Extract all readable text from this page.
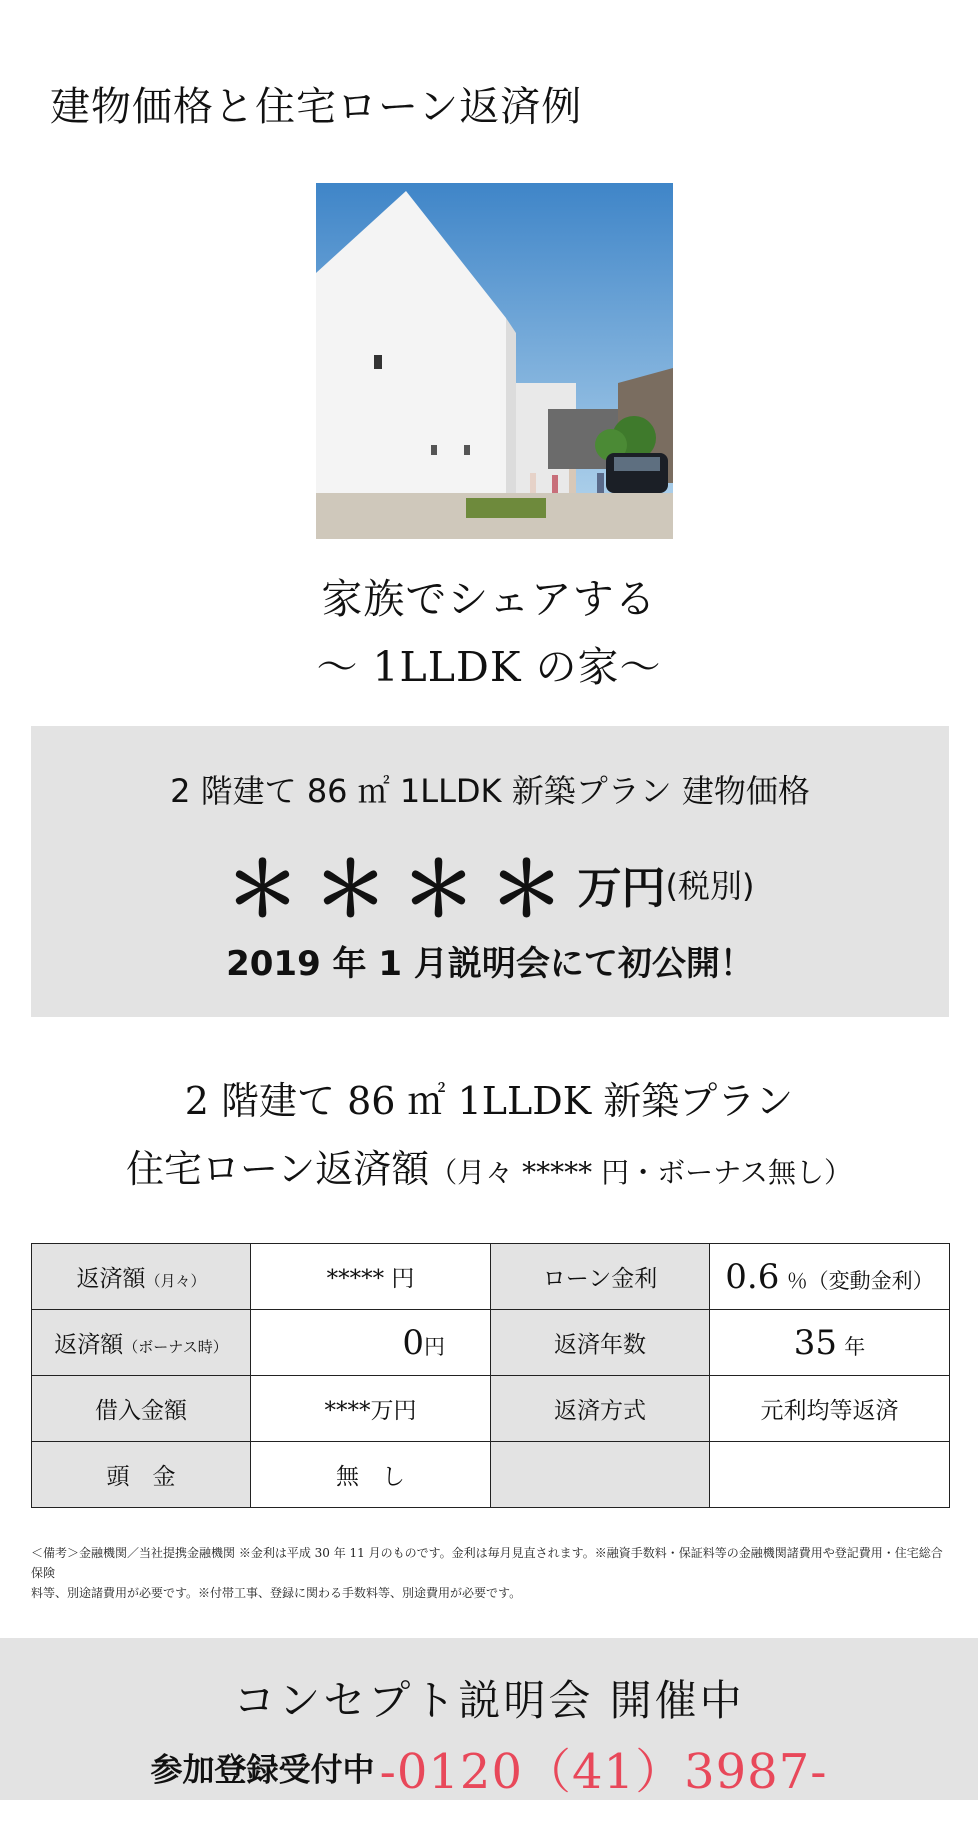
建物価格と住宅ローン返済例
家族でシェアする
〜 1LLDK の家〜
2 階建て 86 ㎡ 1LLDK 新築プラン 建物価格
＊＊＊＊万円(税別)
2019 年 1 月説明会にて初公開！
2 階建て 86 ㎡ 1LLDK 新築プラン
住宅ローン返済額（月々 ***** 円・ボーナス無し）
返済額（月々）	***** 円	ローン金利	0.6 ％（変動金利）
返済額（ボーナス時）	0円	返済年数	35 年
借入金額	****万円	返済方式	元利均等返済
頭　金	無　し		
＜備考＞金融機関／当社提携金融機関 ※金利は平成 30 年 11 月のものです。金利は毎月見直されます。※融資手数料・保証料等の金融機関諸費用や登記費用・住宅総合保険
料等、別途諸費用が必要です。※付帯工事、登録に関わる手数料等、別途費用が必要です。
コンセプト説明会 開催中
参加登録受付中 -0120（41）3987-
